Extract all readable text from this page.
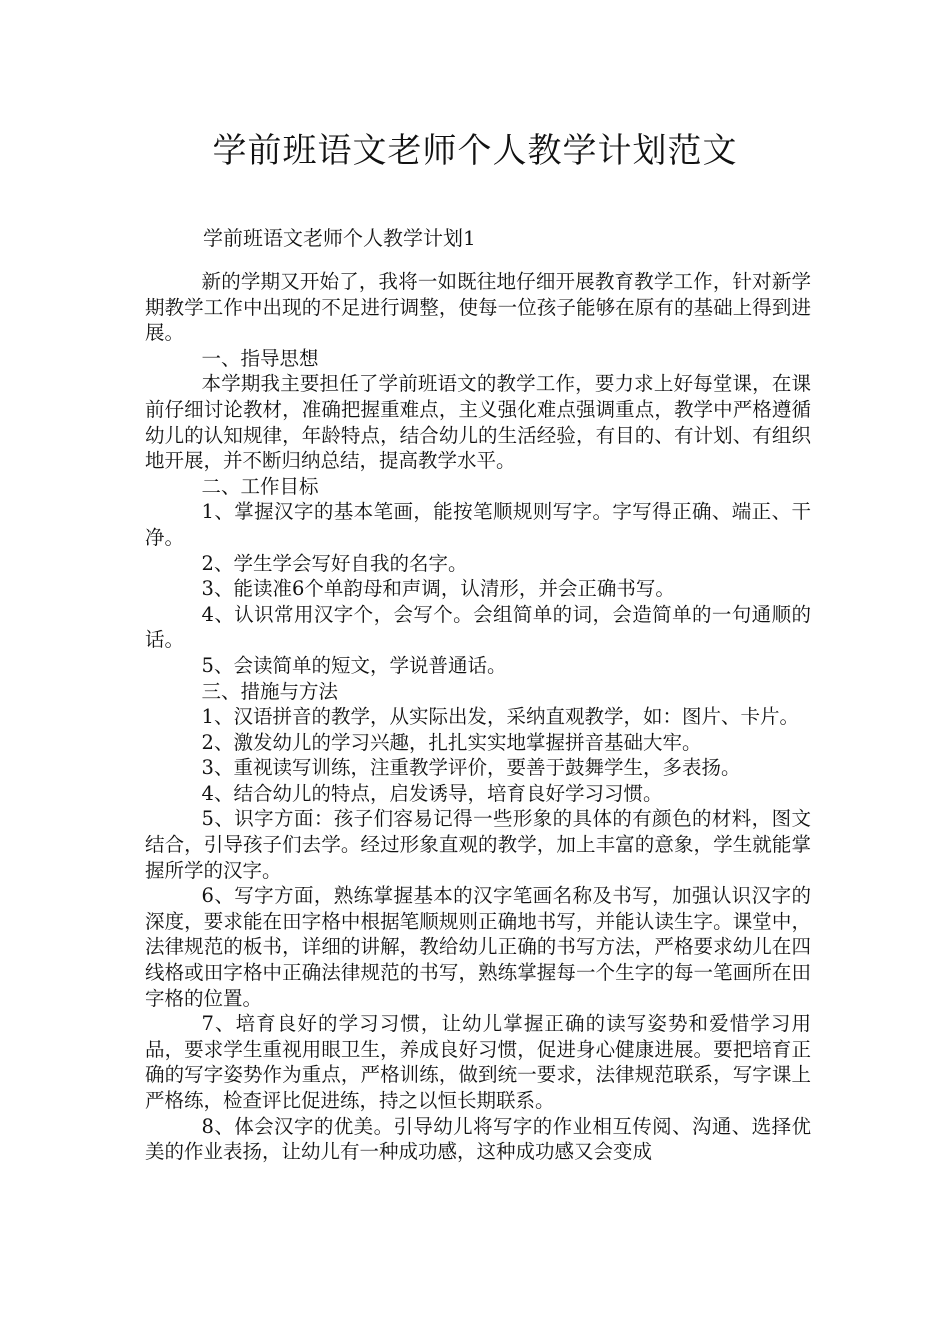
学前班语文老师个人教学计划范文
学前班语文老师个人教学计划1

新的学期又开始了，我将一如既往地仔细开展教育教学工作，针对新学期教学工作中出现的不足进行调整，使每一位孩子能够在原有的基础上得到进展。

一、指导思想

本学期我主要担任了学前班语文的教学工作，要力求上好每堂课，在课前仔细讨论教材，准确把握重难点，主义强化难点强调重点，教学中严格遵循幼儿的认知规律，年龄特点，结合幼儿的生活经验，有目的、有计划、有组织地开展，并不断归纳总结，提高教学水平。

二、工作目标

1、掌握汉字的基本笔画，能按笔顺规则写字。字写得正确、端正、干净。

2、学生学会写好自我的名字。

3、能读准6个单韵母和声调，认清形，并会正确书写。

4、认识常用汉字个，会写个。会组简单的词，会造简单的一句通顺的话。

5、会读简单的短文，学说普通话。

三、措施与方法

1、汉语拼音的教学，从实际出发，采纳直观教学，如：图片、卡片。

2、激发幼儿的学习兴趣，扎扎实实地掌握拼音基础大牢。

3、重视读写训练，注重教学评价，要善于鼓舞学生，多表扬。

4、结合幼儿的特点，启发诱导，培育良好学习习惯。

5、识字方面：孩子们容易记得一些形象的具体的有颜色的材料，图文结合，引导孩子们去学。经过形象直观的教学，加上丰富的意象，学生就能掌握所学的汉字。

6、写字方面，熟练掌握基本的汉字笔画名称及书写，加强认识汉字的深度，要求能在田字格中根据笔顺规则正确地书写，并能认读生字。课堂中，法律规范的板书，详细的讲解，教给幼儿正确的书写方法，严格要求幼儿在四线格或田字格中正确法律规范的书写，熟练掌握每一个生字的每一笔画所在田字格的位置。

7、培育良好的学习习惯，让幼儿掌握正确的读写姿势和爱惜学习用品，要求学生重视用眼卫生，养成良好习惯，促进身心健康进展。要把培育正确的写字姿势作为重点，严格训练，做到统一要求，法律规范联系，写字课上严格练，检查评比促进练，持之以恒长期联系。

8、体会汉字的优美。引导幼儿将写字的作业相互传阅、沟通、选择优美的作业表扬，让幼儿有一种成功感，这种成功感又会变成
